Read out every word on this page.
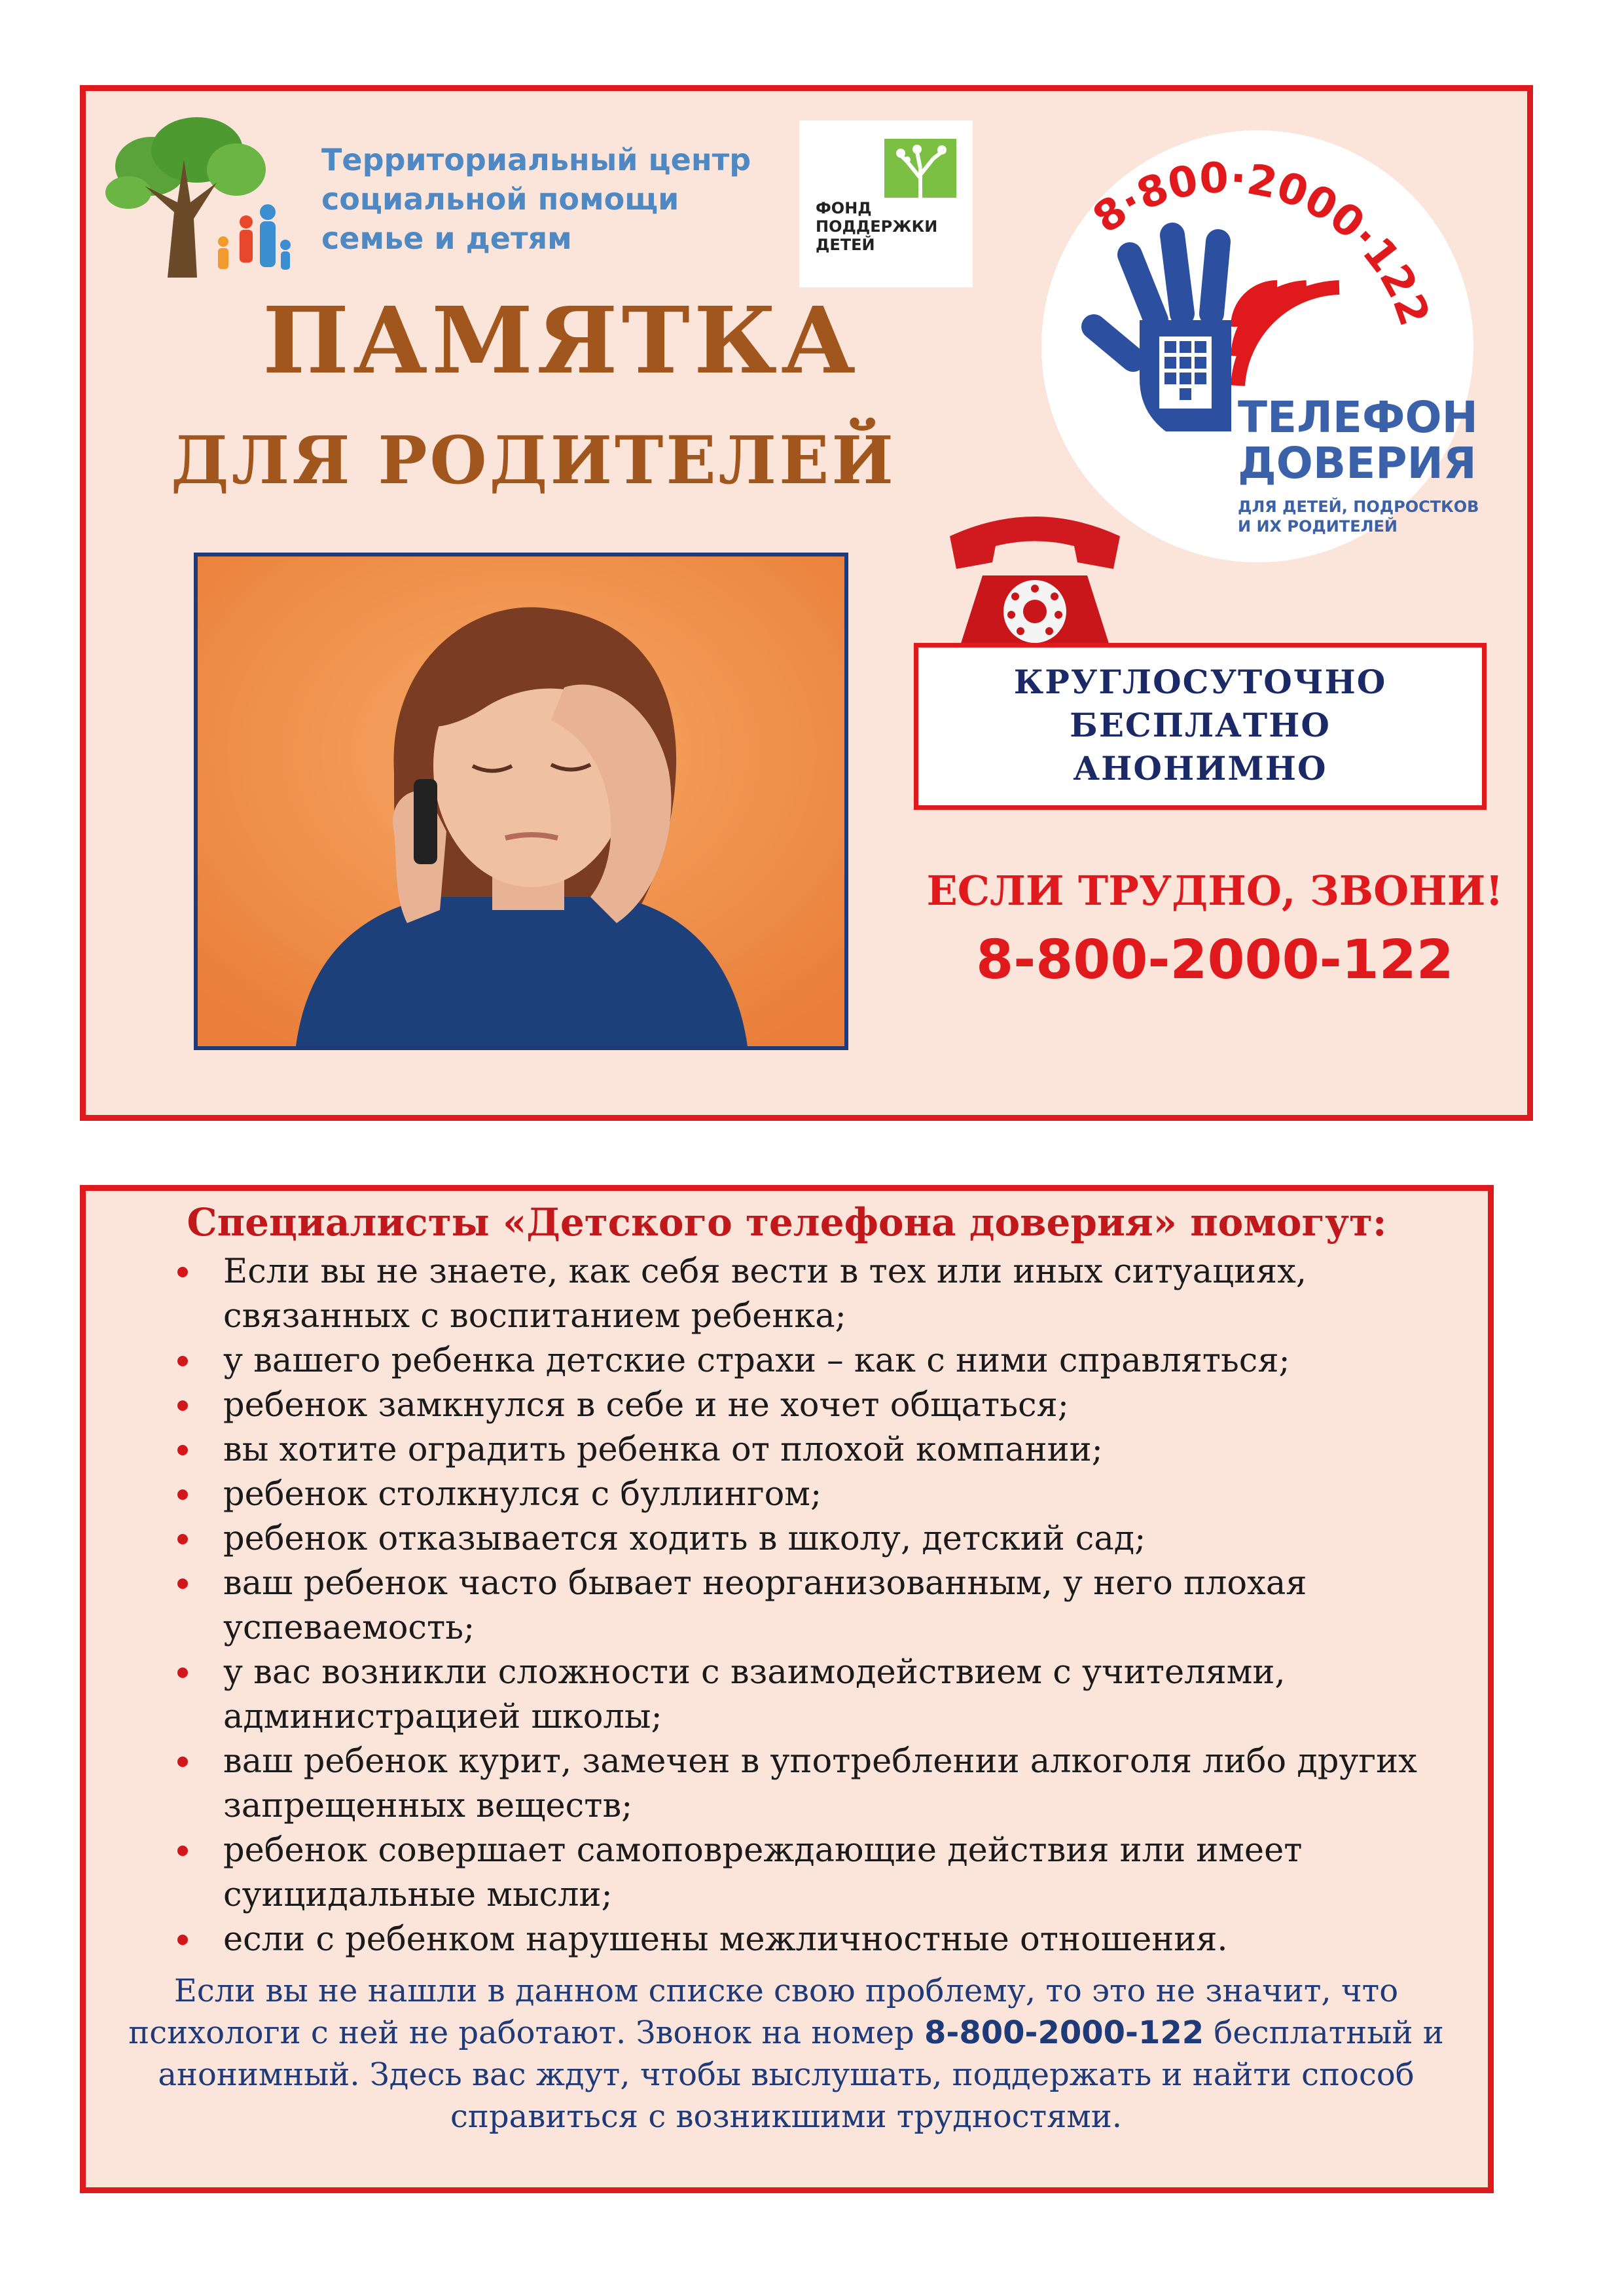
Территориальный центр
социальной помощи
семье и детям
ФОНД
ПОДДЕРЖКИ
ДЕТЕЙ
ПАМЯТКА
ДЛЯ РОДИТЕЛЕЙ
8·800·2000·122
ТЕЛЕФОН
ДОВЕРИЯ
ДЛЯ ДЕТЕЙ, ПОДРОСТКОВ
И ИХ РОДИТЕЛЕЙ
КРУГЛОСУТОЧНО
БЕСПЛАТНО
АНОНИМНО
ЕСЛИ ТРУДНО, ЗВОНИ!
8-800-2000-122
Специалисты «Детского телефона доверия» помогут:
Если вы не знаете, как себя вести в тех или иных ситуациях, связанных с воспитанием ребенка;
у вашего ребенка детские страхи – как с ними справляться;
ребенок замкнулся в себе и не хочет общаться;
вы хотите оградить ребенка от плохой компании;
ребенок столкнулся с буллингом;
ребенок отказывается ходить в школу, детский сад;
ваш ребенок часто бывает неорганизованным, у него плохая успеваемость;
у вас возникли сложности с взаимодействием с учителями, администрацией школы;
ваш ребенок курит, замечен в употреблении алкоголя либо других запрещенных веществ;
ребенок совершает самоповреждающие действия или имеет суицидальные мысли;
если с ребенком нарушены межличностные отношения.
Если вы не нашли в данном списке свою проблему, то это не значит, что психологи с ней не работают. Звонок на номер 8-800-2000-122 бесплатный и анонимный. Здесь вас ждут, чтобы выслушать, поддержать и найти способ справиться с возникшими трудностями.
